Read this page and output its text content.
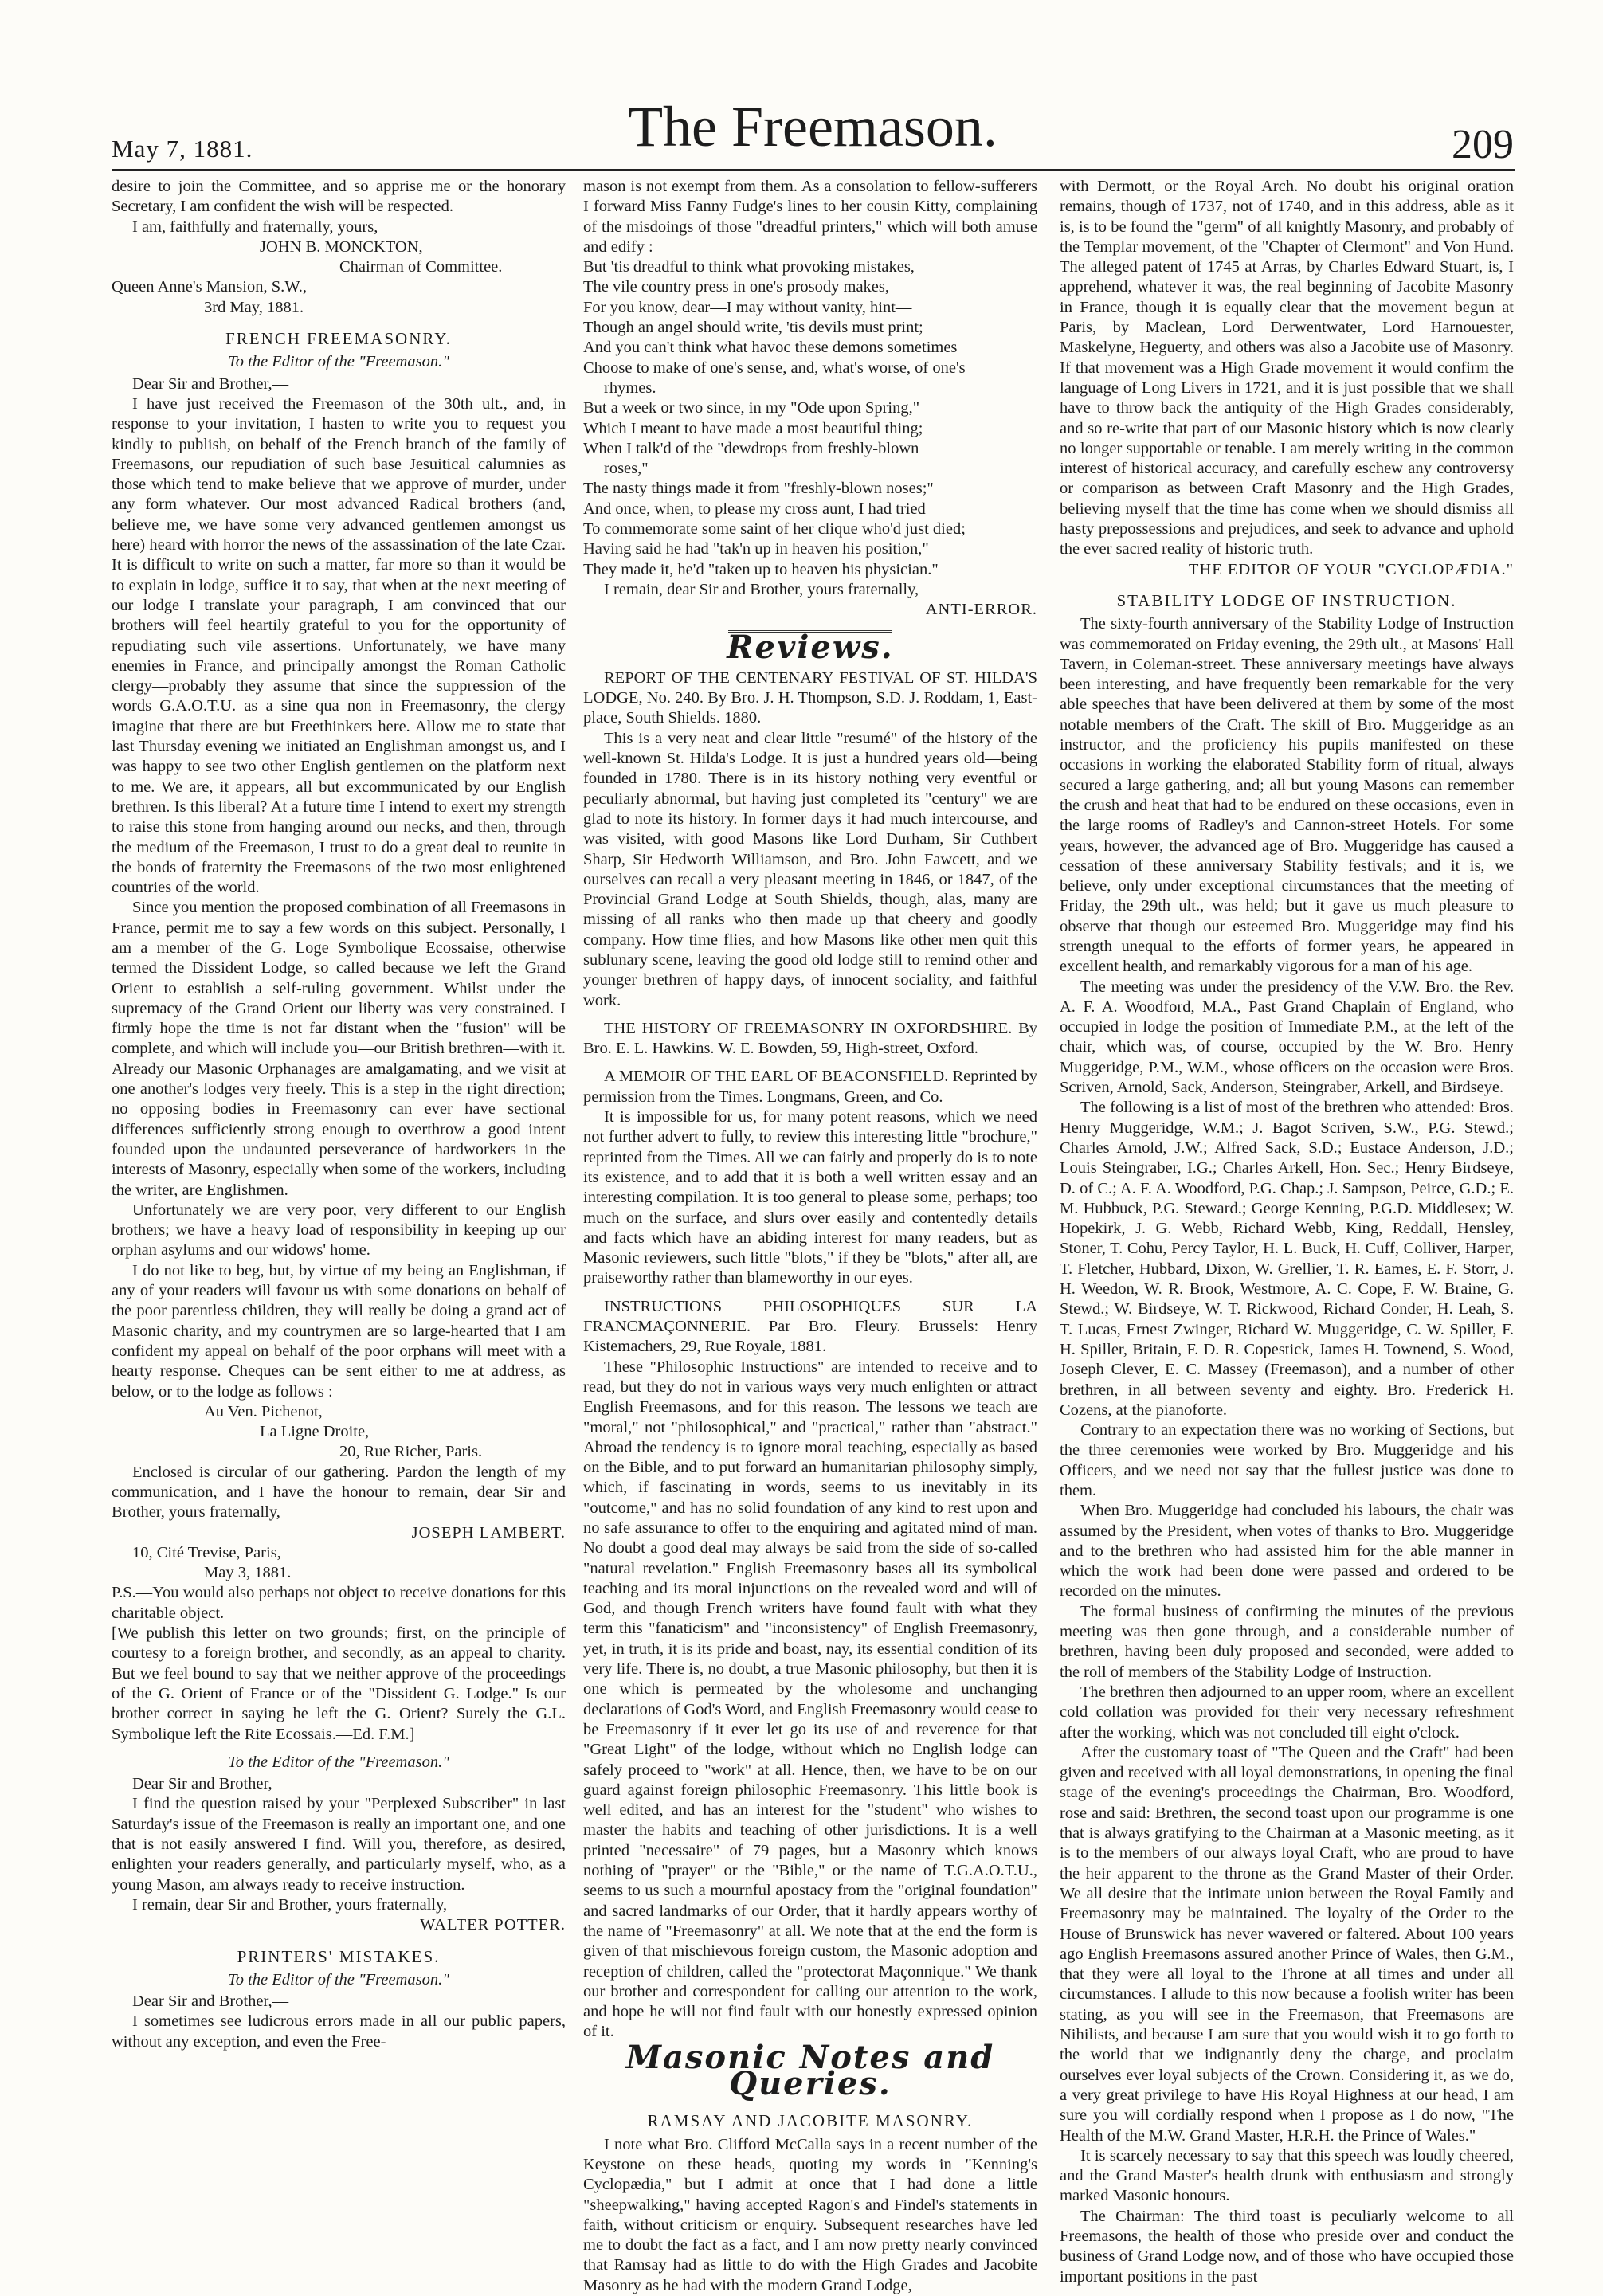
May 7, 1881.	The Freemason.	209

desire to join the Committee, and so apprise me or the honorary Secretary, I am confident the wish will be respected.

I am, faithfully and fraternally, yours,

JOHN B. MONCKTON,

Chairman of Committee.

Queen Anne's Mansion, S.W.,

3rd May, 1881.

FRENCH FREEMASONRY.
To the Editor of the "Freemason."

Dear Sir and Brother,—

I have just received the Freemason of the 30th ult., and, in response to your invitation, I hasten to write you to request you kindly to publish, on behalf of the French branch of the family of Freemasons, our repudiation of such base Jesuitical calumnies as those which tend to make believe that we approve of murder, under any form whatever. Our most advanced Radical brothers (and, believe me, we have some very advanced gentlemen amongst us here) heard with horror the news of the assassination of the late Czar. It is difficult to write on such a matter, far more so than it would be to explain in lodge, suffice it to say, that when at the next meeting of our lodge I translate your paragraph, I am convinced that our brothers will feel heartily grateful to you for the opportunity of repudiating such vile assertions. Unfortunately, we have many enemies in France, and principally amongst the Roman Catholic clergy—probably they assume that since the suppression of the words G.A.O.T.U. as a sine qua non in Freemasonry, the clergy imagine that there are but Freethinkers here. Allow me to state that last Thursday evening we initiated an Englishman amongst us, and I was happy to see two other English gentlemen on the platform next to me. We are, it appears, all but excommunicated by our English brethren. Is this liberal? At a future time I intend to exert my strength to raise this stone from hanging around our necks, and then, through the medium of the Freemason, I trust to do a great deal to reunite in the bonds of fraternity the Freemasons of the two most enlightened countries of the world.

Since you mention the proposed combination of all Freemasons in France, permit me to say a few words on this subject. Personally, I am a member of the G. Loge Symbolique Ecossaise, otherwise termed the Dissident Lodge, so called because we left the Grand Orient to establish a self-ruling government. Whilst under the supremacy of the Grand Orient our liberty was very constrained. I firmly hope the time is not far distant when the "fusion" will be complete, and which will include you—our British brethren—with it. Already our Masonic Orphanages are amalgamating, and we visit at one another's lodges very freely. This is a step in the right direction; no opposing bodies in Freemasonry can ever have sectional differences sufficiently strong enough to overthrow a good intent founded upon the undaunted perseverance of hardworkers in the interests of Masonry, especially when some of the workers, including the writer, are Englishmen.

Unfortunately we are very poor, very different to our English brothers; we have a heavy load of responsibility in keeping up our orphan asylums and our widows' home.

I do not like to beg, but, by virtue of my being an Englishman, if any of your readers will favour us with some donations on behalf of the poor parentless children, they will really be doing a grand act of Masonic charity, and my countrymen are so large-hearted that I am confident my appeal on behalf of the poor orphans will meet with a hearty response. Cheques can be sent either to me at address, as below, or to the lodge as follows :

Au Ven. Pichenot,

La Ligne Droite,

20, Rue Richer, Paris.

Enclosed is circular of our gathering. Pardon the length of my communication, and I have the honour to remain, dear Sir and Brother, yours fraternally,

JOSEPH LAMBERT.

10, Cité Trevise, Paris,

May 3, 1881.

P.S.—You would also perhaps not object to receive donations for this charitable object.

[We publish this letter on two grounds; first, on the principle of courtesy to a foreign brother, and secondly, as an appeal to charity. But we feel bound to say that we neither approve of the proceedings of the G. Orient of France or of the "Dissident G. Lodge." Is our brother correct in saying he left the G. Orient? Surely the G.L. Symbolique left the Rite Ecossais.—Ed. F.M.]

To the Editor of the "Freemason."

Dear Sir and Brother,—

I find the question raised by your "Perplexed Subscriber" in last Saturday's issue of the Freemason is really an important one, and one that is not easily answered I find. Will you, therefore, as desired, enlighten your readers generally, and particularly myself, who, as a young Mason, am always ready to receive instruction.

I remain, dear Sir and Brother, yours fraternally,

WALTER POTTER.

PRINTERS' MISTAKES.
To the Editor of the "Freemason."

Dear Sir and Brother,—

I sometimes see ludicrous errors made in all our public papers, without any exception, and even the Free-

mason is not exempt from them. As a consolation to fellow-sufferers I forward Miss Fanny Fudge's lines to her cousin Kitty, complaining of the misdoings of those "dreadful printers," which will both amuse and edify :

But 'tis dreadful to think what provoking mistakes,

The vile country press in one's prosody makes,

For you know, dear—I may without vanity, hint—

Though an angel should write, 'tis devils must print;

And you can't think what havoc these demons sometimes

Choose to make of one's sense, and, what's worse, of one's

rhymes.

But a week or two since, in my "Ode upon Spring,"

Which I meant to have made a most beautiful thing;

When I talk'd of the "dewdrops from freshly-blown

roses,"

The nasty things made it from "freshly-blown noses;"

And once, when, to please my cross aunt, I had tried

To commemorate some saint of her clique who'd just died;

Having said he had "tak'n up in heaven his position,"

They made it, he'd "taken up to heaven his physician."

I remain, dear Sir and Brother, yours fraternally,

ANTI-ERROR.

Reviews.

REPORT OF THE CENTENARY FESTIVAL OF ST. HILDA'S LODGE, No. 240. By Bro. J. H. Thompson, S.D. J. Roddam, 1, East-place, South Shields. 1880.

This is a very neat and clear little "resumé" of the history of the well-known St. Hilda's Lodge. It is just a hundred years old—being founded in 1780. There is in its history nothing very eventful or peculiarly abnormal, but having just completed its "century" we are glad to note its history. In former days it had much intercourse, and was visited, with good Masons like Lord Durham, Sir Cuthbert Sharp, Sir Hedworth Williamson, and Bro. John Fawcett, and we ourselves can recall a very pleasant meeting in 1846, or 1847, of the Provincial Grand Lodge at South Shields, though, alas, many are missing of all ranks who then made up that cheery and goodly company. How time flies, and how Masons like other men quit this sublunary scene, leaving the good old lodge still to remind other and younger brethren of happy days, of innocent sociality, and faithful work.

THE HISTORY OF FREEMASONRY IN OXFORDSHIRE. By Bro. E. L. Hawkins. W. E. Bowden, 59, High-street, Oxford.

A MEMOIR OF THE EARL OF BEACONSFIELD. Reprinted by permission from the Times. Longmans, Green, and Co.

It is impossible for us, for many potent reasons, which we need not further advert to fully, to review this interesting little "brochure," reprinted from the Times. All we can fairly and properly do is to note its existence, and to add that it is both a well written essay and an interesting compilation. It is too general to please some, perhaps; too much on the surface, and slurs over easily and contentedly details and facts which have an abiding interest for many readers, but as Masonic reviewers, such little "blots," if they be "blots," after all, are praiseworthy rather than blameworthy in our eyes.

INSTRUCTIONS PHILOSOPHIQUES SUR LA FRANCMAÇONNERIE. Par Bro. Fleury. Brussels: Henry Kistemachers, 29, Rue Royale, 1881.

These "Philosophic Instructions" are intended to receive and to read, but they do not in various ways very much enlighten or attract English Freemasons, and for this reason. The lessons we teach are "moral," not "philosophical," and "practical," rather than "abstract." Abroad the tendency is to ignore moral teaching, especially as based on the Bible, and to put forward an humanitarian philosophy simply, which, if fascinating in words, seems to us inevitably in its "outcome," and has no solid foundation of any kind to rest upon and no safe assurance to offer to the enquiring and agitated mind of man. No doubt a good deal may always be said from the side of so-called "natural revelation." English Freemasonry bases all its symbolical teaching and its moral injunctions on the revealed word and will of God, and though French writers have found fault with what they term this "fanaticism" and "inconsistency" of English Freemasonry, yet, in truth, it is its pride and boast, nay, its essential condition of its very life. There is, no doubt, a true Masonic philosophy, but then it is one which is permeated by the wholesome and unchanging declarations of God's Word, and English Freemasonry would cease to be Freemasonry if it ever let go its use of and reverence for that "Great Light" of the lodge, without which no English lodge can safely proceed to "work" at all. Hence, then, we have to be on our guard against foreign philosophic Freemasonry. This little book is well edited, and has an interest for the "student" who wishes to master the habits and teaching of other jurisdictions. It is a well printed "necessaire" of 79 pages, but a Masonry which knows nothing of "prayer" or the "Bible," or the name of T.G.A.O.T.U., seems to us such a mournful apostacy from the "original foundation" and sacred landmarks of our Order, that it hardly appears worthy of the name of "Freemasonry" at all. We note that at the end the form is given of that mischievous foreign custom, the Masonic adoption and reception of children, called the "protectorat Maçonnique." We thank our brother and correspondent for calling our attention to the work, and hope he will not find fault with our honestly expressed opinion of it.

Masonic Notes and Queries.
RAMSAY AND JACOBITE MASONRY.

I note what Bro. Clifford McCalla says in a recent number of the Keystone on these heads, quoting my words in "Kenning's Cyclopædia," but I admit at once that I had done a little "sheepwalking," having accepted Ragon's and Findel's statements in faith, without criticism or enquiry. Subsequent researches have led me to doubt the fact as a fact, and I am now pretty nearly convinced that Ramsay had as little to do with the High Grades and Jacobite Masonry as he had with the modern Grand Lodge,

with Dermott, or the Royal Arch. No doubt his original oration remains, though of 1737, not of 1740, and in this address, able as it is, is to be found the "germ" of all knightly Masonry, and probably of the Templar movement, of the "Chapter of Clermont" and Von Hund. The alleged patent of 1745 at Arras, by Charles Edward Stuart, is, I apprehend, whatever it was, the real beginning of Jacobite Masonry in France, though it is equally clear that the movement begun at Paris, by Maclean, Lord Derwentwater, Lord Harnouester, Maskelyne, Heguerty, and others was also a Jacobite use of Masonry. If that movement was a High Grade movement it would confirm the language of Long Livers in 1721, and it is just possible that we shall have to throw back the antiquity of the High Grades considerably, and so re-write that part of our Masonic history which is now clearly no longer supportable or tenable. I am merely writing in the common interest of historical accuracy, and carefully eschew any controversy or comparison as between Craft Masonry and the High Grades, believing myself that the time has come when we should dismiss all hasty prepossessions and prejudices, and seek to advance and uphold the ever sacred reality of historic truth.

THE EDITOR OF YOUR "CYCLOPÆDIA."

STABILITY LODGE OF INSTRUCTION.

The sixty-fourth anniversary of the Stability Lodge of Instruction was commemorated on Friday evening, the 29th ult., at Masons' Hall Tavern, in Coleman-street. These anniversary meetings have always been interesting, and have frequently been remarkable for the very able speeches that have been delivered at them by some of the most notable members of the Craft. The skill of Bro. Muggeridge as an instructor, and the proficiency his pupils manifested on these occasions in working the elaborated Stability form of ritual, always secured a large gathering, and; all but young Masons can remember the crush and heat that had to be endured on these occasions, even in the large rooms of Radley's and Cannon-street Hotels. For some years, however, the advanced age of Bro. Muggeridge has caused a cessation of these anniversary Stability festivals; and it is, we believe, only under exceptional circumstances that the meeting of Friday, the 29th ult., was held; but it gave us much pleasure to observe that though our esteemed Bro. Muggeridge may find his strength unequal to the efforts of former years, he appeared in excellent health, and remarkably vigorous for a man of his age.

The meeting was under the presidency of the V.W. Bro. the Rev. A. F. A. Woodford, M.A., Past Grand Chaplain of England, who occupied in lodge the position of Immediate P.M., at the left of the chair, which was, of course, occupied by the W. Bro. Henry Muggeridge, P.M., W.M., whose officers on the occasion were Bros. Scriven, Arnold, Sack, Anderson, Steingraber, Arkell, and Birdseye.

The following is a list of most of the brethren who attended: Bros. Henry Muggeridge, W.M.; J. Bagot Scriven, S.W., P.G. Stewd.; Charles Arnold, J.W.; Alfred Sack, S.D.; Eustace Anderson, J.D.; Louis Steingraber, I.G.; Charles Arkell, Hon. Sec.; Henry Birdseye, D. of C.; A. F. A. Woodford, P.G. Chap.; J. Sampson, Peirce, G.D.; E. M. Hubbuck, P.G. Steward.; George Kenning, P.G.D. Middlesex; W. Hopekirk, J. G. Webb, Richard Webb, King, Reddall, Hensley, Stoner, T. Cohu, Percy Taylor, H. L. Buck, H. Cuff, Colliver, Harper, T. Fletcher, Hubbard, Dixon, W. Grellier, T. R. Eames, E. F. Storr, J. H. Weedon, W. R. Brook, Westmore, A. C. Cope, F. W. Braine, G. Stewd.; W. Birdseye, W. T. Rickwood, Richard Conder, H. Leah, S. T. Lucas, Ernest Zwinger, Richard W. Muggeridge, C. W. Spiller, F. H. Spiller, Britain, F. D. R. Copestick, James H. Townend, S. Wood, Joseph Clever, E. C. Massey (Freemason), and a number of other brethren, in all between seventy and eighty. Bro. Frederick H. Cozens, at the pianoforte.

Contrary to an expectation there was no working of Sections, but the three ceremonies were worked by Bro. Muggeridge and his Officers, and we need not say that the fullest justice was done to them.

When Bro. Muggeridge had concluded his labours, the chair was assumed by the President, when votes of thanks to Bro. Muggeridge and to the brethren who had assisted him for the able manner in which the work had been done were passed and ordered to be recorded on the minutes.

The formal business of confirming the minutes of the previous meeting was then gone through, and a considerable number of brethren, having been duly proposed and seconded, were added to the roll of members of the Stability Lodge of Instruction.

The brethren then adjourned to an upper room, where an excellent cold collation was provided for their very necessary refreshment after the working, which was not concluded till eight o'clock.

After the customary toast of "The Queen and the Craft" had been given and received with all loyal demonstrations, in opening the final stage of the evening's proceedings the Chairman, Bro. Woodford, rose and said: Brethren, the second toast upon our programme is one that is always gratifying to the Chairman at a Masonic meeting, as it is to the members of our always loyal Craft, who are proud to have the heir apparent to the throne as the Grand Master of their Order. We all desire that the intimate union between the Royal Family and Freemasonry may be maintained. The loyalty of the Order to the House of Brunswick has never wavered or faltered. About 100 years ago English Freemasons assured another Prince of Wales, then G.M., that they were all loyal to the Throne at all times and under all circumstances. I allude to this now because a foolish writer has been stating, as you will see in the Freemason, that Freemasons are Nihilists, and because I am sure that you would wish it to go forth to the world that we indignantly deny the charge, and proclaim ourselves ever loyal subjects of the Crown. Considering it, as we do, a very great privilege to have His Royal Highness at our head, I am sure you will cordially respond when I propose as I do now, "The Health of the M.W. Grand Master, H.R.H. the Prince of Wales."

It is scarcely necessary to say that this speech was loudly cheered, and the Grand Master's health drunk with enthusiasm and strongly marked Masonic honours.

The Chairman: The third toast is peculiarly welcome to all Freemasons, the health of those who preside over and conduct the business of Grand Lodge now, and of those who have occupied those important positions in the past—
